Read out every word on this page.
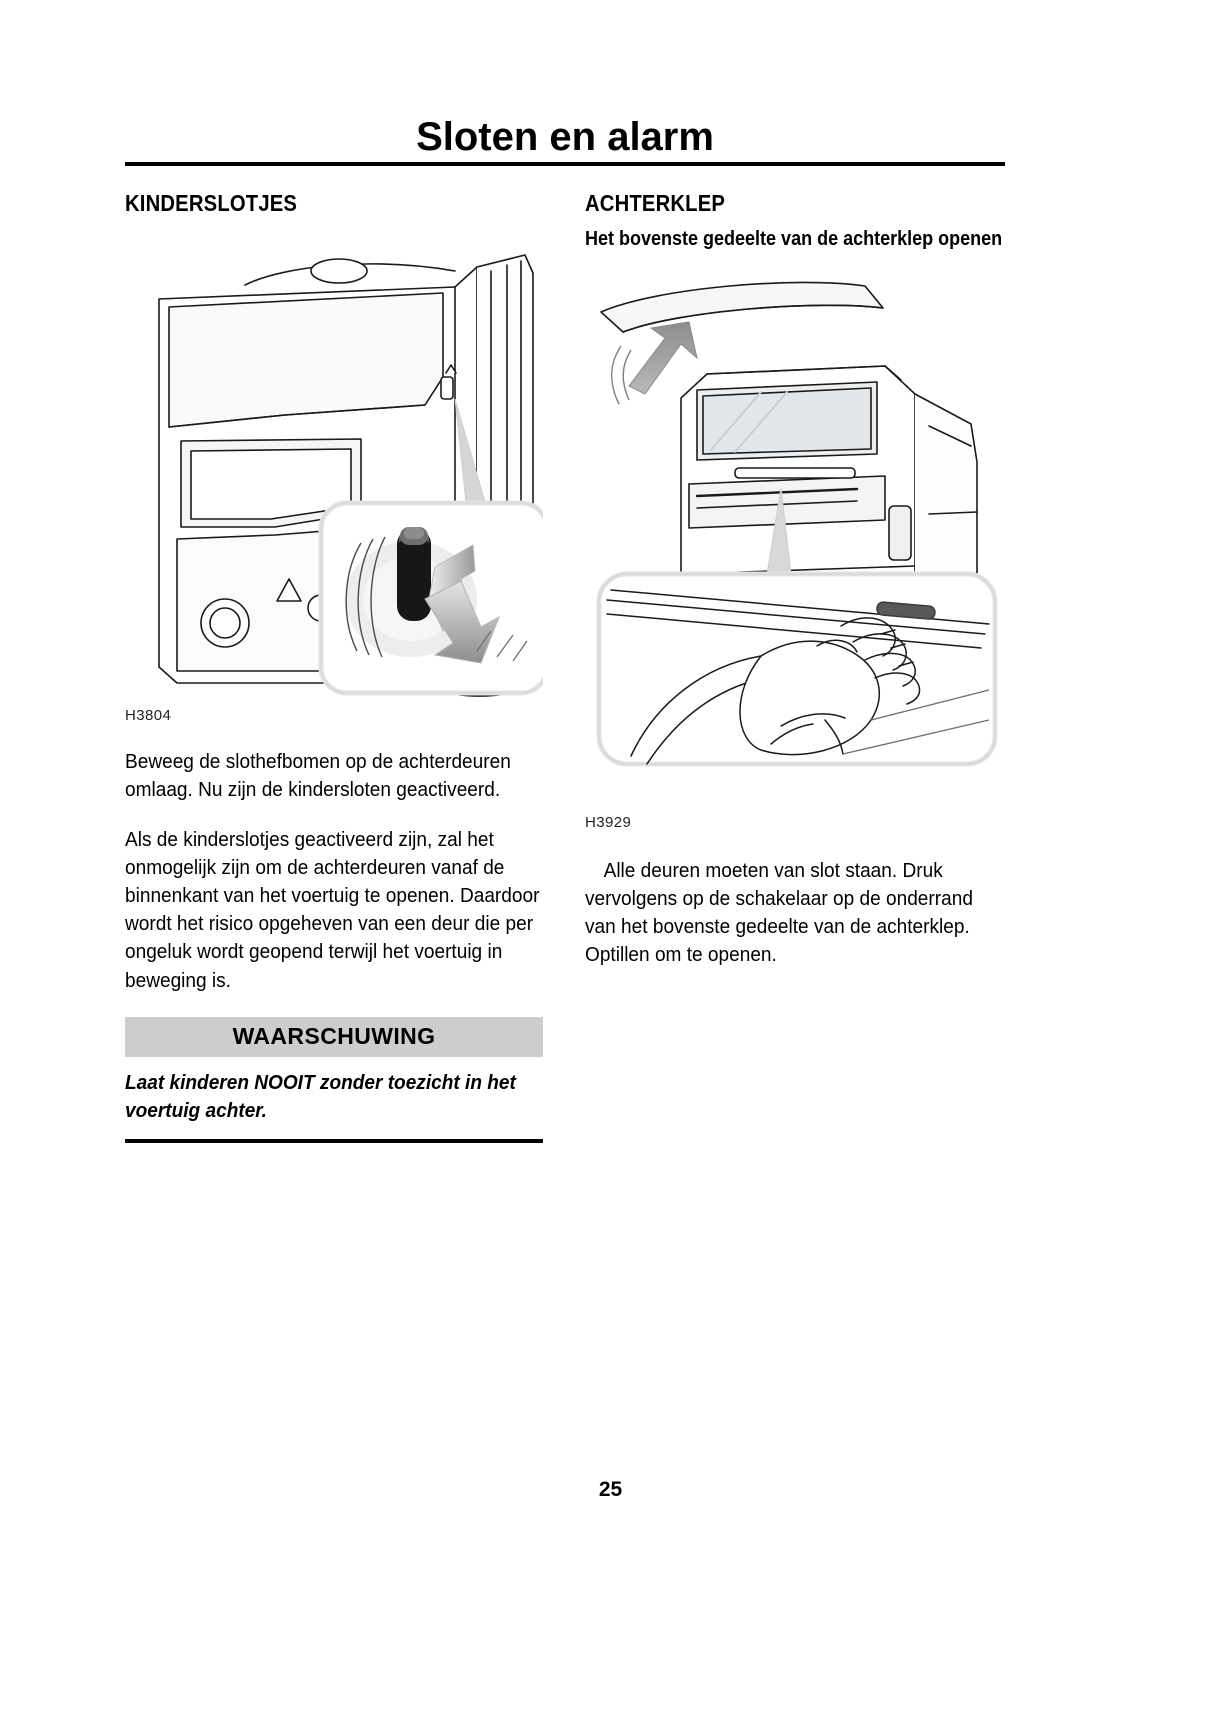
Sloten en alarm
KINDERSLOTJES
H3804

Beweeg de slothefbomen op de achterdeuren omlaag. Nu zijn de kindersloten geactiveerd.

Als de kinderslotjes geactiveerd zijn, zal het onmogelijk zijn om de achterdeuren vanaf de binnenkant van het voertuig te openen. Daardoor wordt het risico opgeheven van een deur die per ongeluk wordt geopend terwijl het voertuig in beweging is.

WAARSCHUWING

Laat kinderen NOOIT zonder toezicht in het voertuig achter.

ACHTERKLEP
Het bovenste gedeelte van de achterklep openen
H3929

Alle deuren moeten van slot staan. Druk vervolgens op de schakelaar op de onderrand van het bovenste gedeelte van de achterklep. Optillen om te openen.

25
